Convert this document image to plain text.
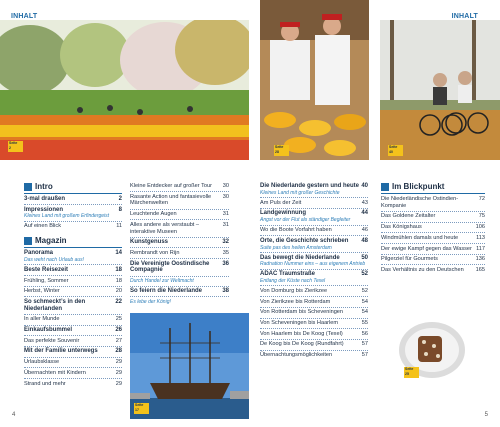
INHALT	INHALT
Seite
2	Seite
28
Seite
40
Intro
3-mal draußen	2
Impressionen	8
Kleines Land mit großem Erfindergeist
Auf einen Blick	11
Magazin
Panorama	14
Das weht nach Urlaub aus!
Beste Reisezeit	18
Frühling, Sommer	18
Herbst, Winter	20
So schmeckt’s in den Niederlanden
22
In aller Munde	25
Einkaufsbummel	26
Das perfekte Souvenir	27
Mit der Familie unterwegs	28
Urlaubsklasse	29
Übernachten mit Kindern	29
Strand und mehr	29
Kleine Entdecker auf großer Tour	30
Rasante Action und fantasievolle Märchenwelten
30
Leuchtende Augen	31
Alles andere als verstaubt – interaktive Museen
31
Kunstgenuss	32
Rembrandt von Rijn	35
Die Vereinigte Oostindische Compagnie
36
Durch Handel zur Weltmacht
So feiern die Niederlande	38
Es lebe der König!
Seite
17
Die Niederlande gestern und heute 40
Kleines Land mit großer Geschichte
Am Puls der Zeit	43
Landgewinnung	44
Angst vor der Flut als ständiger Begleiter
Wo die Boote Vorfahrt haben	46
Orte, die Geschichte schrieben	48
Suite pas des heilen Amsterdam
Das bewegt die Niederlande	50
Radnation Nummer eins – aus eigenem Antrieb
ADAC Traumstraße	52
Entlang der Küste nach Texel
Von Domburg bis Zierikzee	52
Von Zierikzee bis Rotterdam	54
Von Rotterdam bis Scheveningen	54
Von Scheveningen bis Haarlem	55
Von Haarlem bis De Koog (Texel)	56
De Koog bis De Koog (Rundfahrt)	57
Übernachtungsmöglichkeiten	57
Im Blickpunkt
Die Niederländische Ostindien-Kompanie
72
Das Goldene Zeitalter	75
Das Königshaus	106
Windmühlen damals und heute	113
Der ewige Kampf gegen das Wasser 117
Pilgerziel für Gourmets	136
Das Verhältnis zu den Deutschen	165
Seite
25
4	5
